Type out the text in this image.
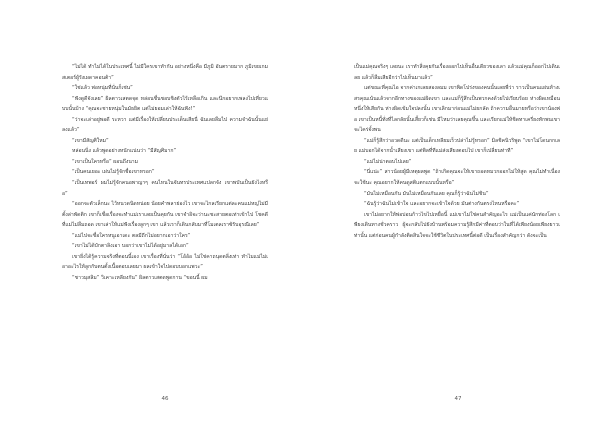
“ไม่ได้ ทำไม่ได้ในประเทศนี้ ไม่มีใครเขาทำกัน อย่างหนึ่งคือ มีภูมิ อันตรายมาก ภูมิเขยเกมสเตอร์ผู้รังเผดาคอนต้า”

“ใช่แล้ว พ่อหนุ่มที่นั่นก็เช่น”

“ฟังดูดีจังเลย” ผิลตาวเสตดจุด หล่อนชื่นชอบชิงตัวไร้เหลือเกิน และนึกอยากเพลงไปเที่ยวแบบนั้นบ้าง “คุณจะชายหนุ่มในมัธยิต แต่ไม่ยอมเล่าให้ฉันฟัง!”

“ว่าจะเล่าอยู่พอดี ระหวา แต่มีเรื่องให้เปลี่ยนประเด็นเสียนี่ ฉันเลยลืมไป ความจำฉันนั้นแย่ลงแล้ว”

“เขามีสัญศิใหม”

หล่อนนิ่ง แล้วพูดอย่างหนักแน่นว่า “มีสัญศิมาก”

“เขาเป็นใครหรือ” ผอนถึงนาม

“เป็นคนเยอะ เผ่นไม่รู้จักชื่อเขาหรอก”

“เป็นเทพอร์ ผมไม่รู้จักคนอพาญาๆ คนไหนในจันทรประเทศแปลกจัง เขาพบันเป็นยังไงหรือ”

“ออกจะตัวเล็กนะ ไว้หนวดนิดหน่อย น้อยคำพลาย่องไว เขาจะไกลเรียกแต่ละคนแม่หญ่ไม่มีตั้งล่าพัดติก เขาก็เชื่อเรื่องจะทำแม่เราเลยเป็นคุยกัน เขาจำอิจะว่านะชะสายตอเท่าเข้าไป โชคดีที่แม่ไม่ลืมถอด เขาเล่าให้แม่ฟังเรื่องลูกๆ เขา แล้วเราก็เดินกลับมาที่โมเตลเราซ้รับอุรณีเลย”

“แม่ไปจะชื่อใครหนูเอาเดะ ตลมีถีกไม่อยากเอาว่าใคร”

“เขาไม่ได้บักตาลิงเอา บอกว่าเขาไม่ได้อยู่มาลได้เอก”

เขายิ่งได้รู้ความจริงที่ตอนนี้เอง เขาเรื่องที่นั่นว่า “โอ้อ้อ ไม่ใช่คาถนุดตลิ่งเท่า ทำไมแม่ไม่เอาอะไรให้ลูกกับตนตั้งเนื้อตอบเลยมา ผลเข้าใจไปดอบบอกแพวะ”

“ชาวมุสลิม” วิเคาะเหลียงกัน” ผิลตาวเสตดพูดกาน “ขอนนี้ ผม

46

เป็นแม่คุณจริงๆ เลยนะ เราทำสิ่งคุยกันเรื่องออกไปเห็นอื่นเดียวของเลา แล้วแม่คุณก็ออกไปเดินเลย แล้วก็ลืมเสียอีกว่าไปเห็นมาแล้ว”

แต่ขณะที่คุณไอ จากค่าเกเลยสองลมม เขาพิดโปร่งของคนนั้นเลยพี่ว่า ราวเป็นคนแผ่นห้างเสรคุณเน้นแล้วจากอีกทางของแม่ผิดเขา และแม่ก็รู้สึกเป็นพวกคงด้วยไปเรียบร้อย ห่างผิดเหมือนหนึ่งให้เสียกัน ห่างผิดเข้มใจปลงนั้น เขาเลิกมาก่อนแม่ไม่ยกลัด ถ้าความอื่นมายหรือว่าเขาน้องพ่อ เขาเป็นหนี้ทั่งที่ไลกลัยนั้นเสี้ยวก็เช่น มีไหมว่าเลยคุณขึ้น และเรียกแม่ให้ชิดทาเครี่ยงทักพนเขาจะไคร่จั้งพน

“แม่ก็รู้สึกว่าอวดดีนะ แต่เป็นเด็กเหลียมเร็วปล่าไม่รู้หรอก” มิลชิคนิวริพูด “เขาไม่โดนกกเลย แม่บอกได้จากน้ำเสียงเขา แต่พิลที่ทีแม่ส่งเสียงตอบไป เขาก็เปลี่ยนท่าที”

“แม่ไม่น่าตอบไปเลย”

“นี่แน่ะ” สาวน้อยผู้มีเหตุผลพูด “ถ้าเกิดคุณจะให้เขาถอดหมวกออกไม่ให้สูด คุณไม่ทำเนื่องจะใช้นะ คุณอยากให้คนดูสติแตกแบบนั้นหรือ”

“มันไม่เหมือนกัน มันไม่เหมือนกันเลย คุณก็รู้ว่าฉันไม่ชิน”

“ฉันรู้ว่าฉันไม่เข้าใจ และอยากจะเข้าใจด้วย มันต่างกันตรงไหนหรือคะ”

เขาไม่อยากให้พ่อบ่อนก้าวไขไปเหยื่อนี้ แม่เขาไม่ใช่คนสำคัญอะไร แม่เป็นแค่นักท่องโลก เพียงเดินทางชั่วคราว ผู้จะกลับไปยังบ้านพร้อมความรู้สึกมีค่าที่ตอบว่าในที่ได้เพียงน้อยเพียงยาวเท่านั้น แต่ก่อนคนผู้กำลังติดสินใจจะใช้ชีวิตในประเทศนี้ต่อดี เป็นเรื่องสำคัญกว่า ดังจะเป็น

47
